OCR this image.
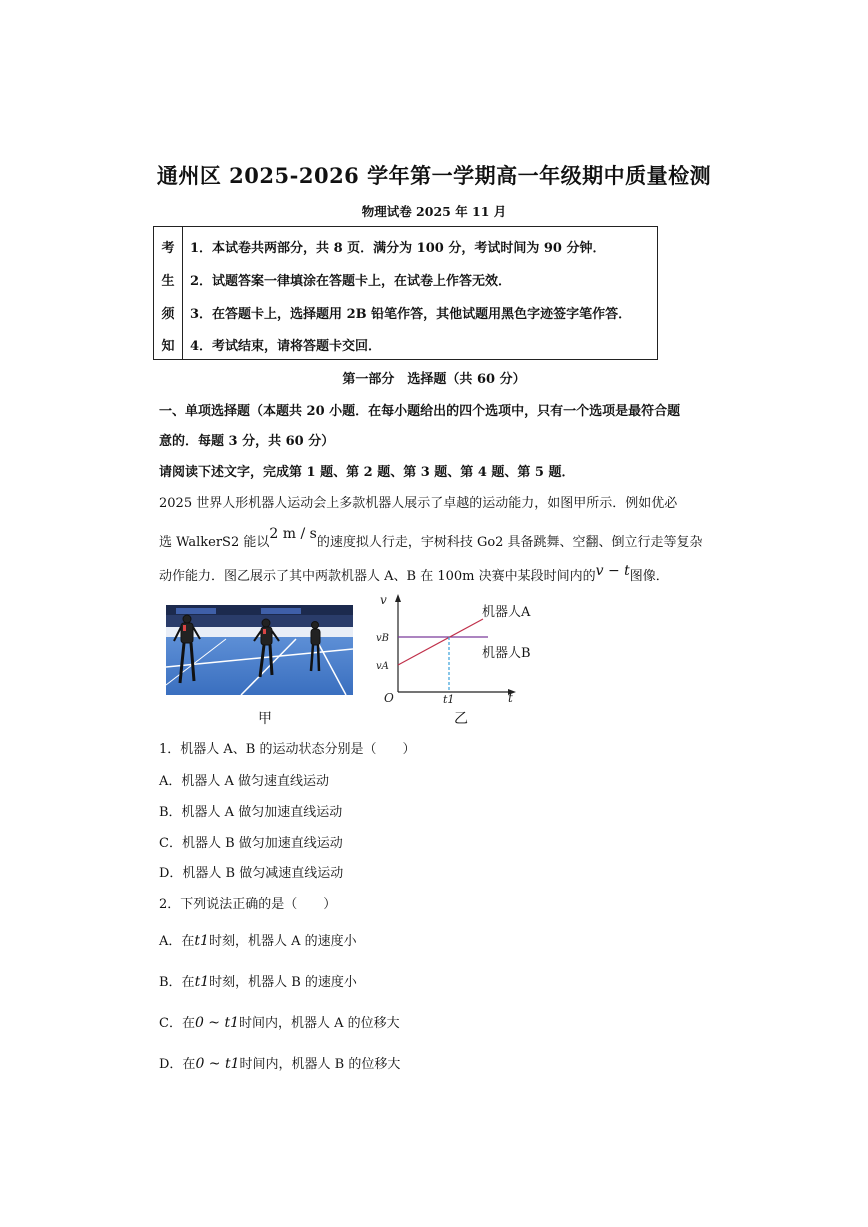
通州区 2025-2026 学年第一学期高一年级期中质量检测
物理试卷 2025 年 11 月
考
生
须
知
1．本试卷共两部分，共 8 页．满分为 100 分，考试时间为 90 分钟．
2．试题答案一律填涂在答题卡上，在试卷上作答无效．
3．在答题卡上，选择题用 2B 铅笔作答，其他试题用黑色字迹签字笔作答．
4．考试结束，请将答题卡交回．
第一部分　选择题（共 60 分）
一、单项选择题（本题共 20 小题．在每小题给出的四个选项中，只有一个选项是最符合题
意的．每题 3 分，共 60 分）
请阅读下述文字，完成第 1 题、第 2 题、第 3 题、第 4 题、第 5 题．
2025 世界人形机器人运动会上多款机器人展示了卓越的运动能力，如图甲所示．例如优必
选 WalkerS2 能以2 m / s的速度拟人行走，宇树科技 Go2 具备跳舞、空翻、倒立行走等复杂
动作能力．图乙展示了其中两款机器人 A、B 在 100m 决赛中某段时间内的v − t图像．
甲
v
t
O
vB
vA
t1
机器人A
机器人B
乙
1．机器人 A、B 的运动状态分别是（　　）
A．机器人 A 做匀速直线运动
B．机器人 A 做匀加速直线运动
C．机器人 B 做匀加速直线运动
D．机器人 B 做匀减速直线运动
2．下列说法正确的是（　　）
A．在t1时刻，机器人 A 的速度小
B．在t1时刻，机器人 B 的速度小
C．在0 ~ t1时间内，机器人 A 的位移大
D．在0 ~ t1时间内，机器人 B 的位移大
